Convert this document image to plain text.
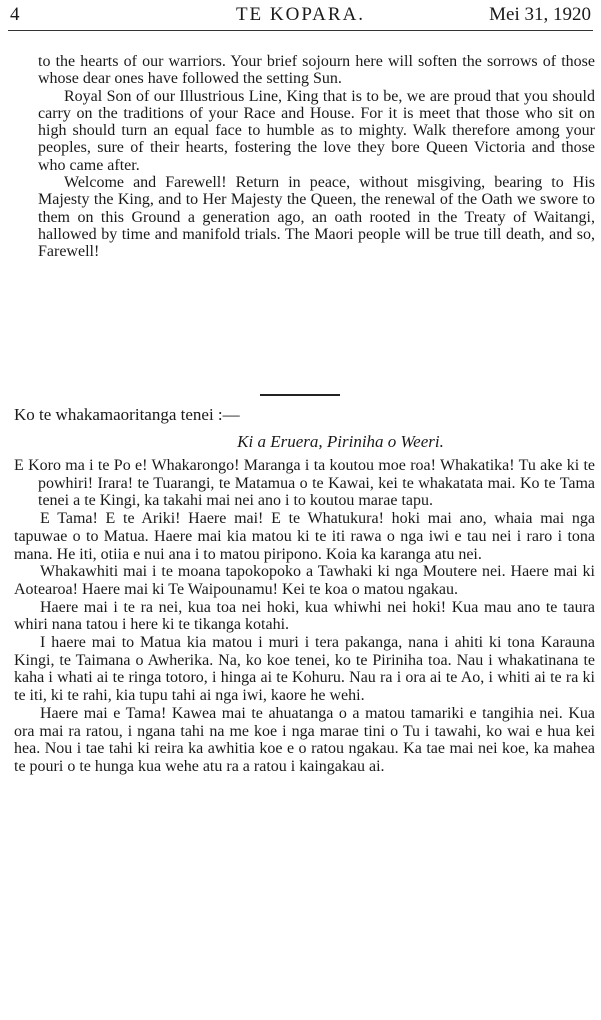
4	TE KOPARA.	Mei 31, 1920

to the hearts of our warriors. Your brief sojourn here will soften the sorrows of those whose dear ones have followed the setting Sun.

Royal Son of our Illustrious Line, King that is to be, we are proud that you should carry on the traditions of your Race and House. For it is meet that those who sit on high should turn an equal face to humble as to mighty. Walk therefore among your peoples, sure of their hearts, fostering the love they bore Queen Victoria and those who came after.

Welcome and Farewell! Return in peace, without misgiving, bearing to His Majesty the King, and to Her Majesty the Queen, the renewal of the Oath we swore to them on this Ground a generation ago, an oath rooted in the Treaty of Waitangi, hallowed by time and manifold trials. The Maori people will be true till death, and so, Farewell!

Ko te whakamaoritanga tenei :—
Ki a Eruera, Piriniha o Weeri.

E Koro ma i te Po e! Whakarongo! Maranga i ta koutou moe roa! Whakatika! Tu ake ki te powhiri! Irara! te Tuarangi, te Matamua o te Kawai, kei te whakatata mai. Ko te Tama tenei a te Kingi, ka takahi mai nei ano i to koutou marae tapu.

E Tama! E te Ariki! Haere mai! E te Whatukura! hoki mai ano, whaia mai nga tapuwae o to Matua. Haere mai kia matou ki te iti rawa o nga iwi e tau nei i raro i tona mana. He iti, otiia e nui ana i to matou piripono. Koia ka karanga atu nei.

Whakawhiti mai i te moana tapokopoko a Tawhaki ki nga Moutere nei. Haere mai ki Aotearoa! Haere mai ki Te Waipounamu! Kei te koa o matou ngakau.

Haere mai i te ra nei, kua toa nei hoki, kua whiwhi nei hoki! Kua mau ano te taura whiri nana tatou i here ki te tikanga kotahi.

I haere mai to Matua kia matou i muri i tera pakanga, nana i ahiti ki tona Karauna Kingi, te Taimana o Awherika. Na, ko koe tenei, ko te Piriniha toa. Nau i whakatinana te kaha i whati ai te ringa totoro, i hinga ai te Kohuru. Nau ra i ora ai te Ao, i whiti ai te ra ki te iti, ki te rahi, kia tupu tahi ai nga iwi, kaore he wehi.

Haere mai e Tama! Kawea mai te ahuatanga o a matou tamariki e tangihia nei. Kua ora mai ra ratou, i ngana tahi na me koe i nga marae tini o Tu i tawahi, ko wai e hua kei hea. Nou i tae tahi ki reira ka awhitia koe e o ratou ngakau. Ka tae mai nei koe, ka mahea te pouri o te hunga kua wehe atu ra a ratou i kaingakau ai.
